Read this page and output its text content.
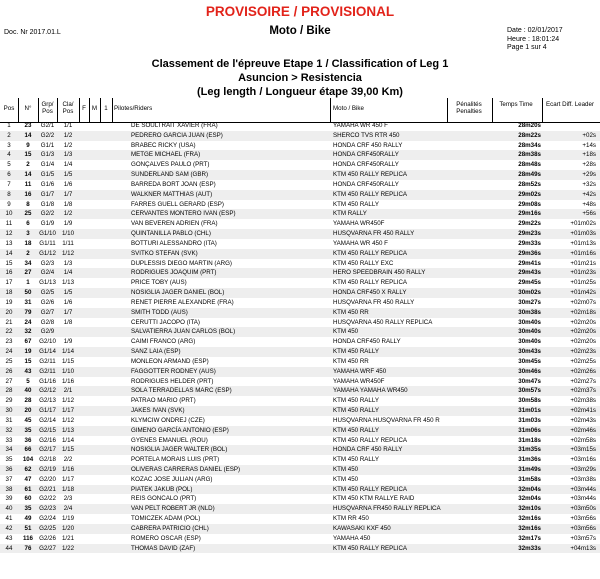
PROVISOIRE / PROVISIONAL
Doc. Nr 2017.01.L	Moto / Bike	Date : 02/01/2017
Heure : 18:01:24
Page 1 sur 4
Classement de l'épreuve Etape 1 / Classification of Leg 1
Asuncion > Resistencia
(Leg length / Longueur étape 39,00 Km)
Pos	N°
Grp/ Pos
Cla/ Pos	F M	1	Pilotes/Riders	Moto / Bike
Pénalités Penalties
Temps Time	Ecart Diff. Leader
1	23	G2/1	1/1	DE SOULTRAIT XAVIER (FRA)	YAMAHA WR 450 F	28m20s
2	14	G2/2	1/2	PEDRERO GARCIA JUAN (ESP)	SHERCO TVS RTR 450	28m22s	+02s
3	9	G1/1	1/2	BRABEC RICKY (USA)	HONDA CRF 450 RALLY	28m34s	+14s
4	15	G1/3	1/3	METGE MICHAEL (FRA)	HONDA CRF450RALLY	28m38s	+18s
5	2	G1/4	1/4	GONÇALVES PAULO (PRT)	HONDA CRF450RALLY	28m48s	+28s
6	14	G1/5	1/5	SUNDERLAND SAM (GBR)	KTM 450 RALLY REPLICA	28m49s	+29s
7	11	G1/6	1/6	BARREDA BORT JOAN (ESP)	HONDA CRF450RALLY	28m52s	+32s
8	16	G1/7	1/7	WALKNER MATTHIAS (AUT)	KTM 450 RALLY REPLICA	29m02s	+42s
9	8	G1/8	1/8	FARRES GUELL GERARD (ESP)	KTM 450 RALLY	29m08s	+48s
10	25	G2/2	1/2	CERVANTES MONTERO IVAN (ESP)	KTM RALLY	29m16s	+56s
11	6	G1/9	1/9	VAN BEVEREN ADRIEN (FRA)	YAMAHA WR450F	29m22s	+01m02s
12	3	G1/10 1/10	QUINTANILLA PABLO (CHL)	HUSQVARNA FR 450 RALLY	29m23s	+01m03s
13	18	G1/11	1/11	BOTTURI ALESSANDRO (ITA)	YAMAHA WR 450 F	29m33s	+01m13s
14	2	G1/12 1/12	SVITKO STEFAN (SVK)	KTM 450 RALLY REPLICA	29m36s	+01m16s
15	34	G2/3	1/3	DUPLESSIS DIEGO MARTIN (ARG)	KTM 450 RALLY EXC	29m41s	+01m21s
16	27	G2/4	1/4	RODRIGUES JOAQUIM (PRT)	HERO SPEEDBRAIN 450 RALLY	29m43s	+01m23s
17	1	G1/13 1/13	PRICE TOBY (AUS)	KTM 450 RALLY REPLICA	29m45s	+01m25s
18	50	G2/5	1/5	NOSIGLIA JAGER DANIEL (BOL)	HONDA CRF450 X RALLY	30m02s	+01m42s
19	31	G2/6	1/6	RENET PIERRE ALEXANDRE (FRA)	HUSQVARNA FR 450 RALLY	30m27s	+02m07s
20	79	G2/7	1/7	SMITH TODD (AUS)	KTM 450 RR	30m38s	+02m18s
21	24	G2/8	1/8	CERUTTI JACOPO (ITA)	HUSQVARNA 450 RALLY REPLICA	30m40s	+02m20s
22	32	G2/9	SALVATIERRA JUAN CARLOS (BOL)	KTM 450	30m40s	+02m20s
23	67	G2/10	1/9	CAIMI FRANCO (ARG)	HONDA CRF450 RALLY	30m40s	+02m20s
24	19	G1/14 1/14	SANZ LAIA (ESP)	KTM 450 RALLY	30m43s	+02m23s
25	15	G2/11	1/15	MONLEON ARMAND (ESP)	KTM 450 RR	30m45s	+02m25s
26	43	G2/11	1/10	FAGGOTTER RODNEY (AUS)	YAMAHA WRF 450	30m46s	+02m26s
27	5	G1/16 1/16	RODRIGUES HELDER (PRT)	YAMAHA WR450F	30m47s	+02m27s
28	40	G2/12	2/1	SOLA TERRADELLAS MARC (ESP)	YAMAHA YAMAHA WR450	30m57s	+02m37s
29	28	G2/13 1/12	PATRAO MARIO (PRT)	KTM 450 RALLY	30m58s	+02m38s
30	20	G1/17 1/17	JAKES IVAN (SVK)	KTM 450 RALLY	31m01s	+02m41s
31	45	G2/14 1/12	KLYMCIW ONDREJ (CZE)	HUSQVARNA HUSQVARNA FR 450 R	31m03s	+02m43s
32	35	G2/15 1/13	GIMENO GARCÍA ANTONIO (ESP)	KTM 450 RALLY	31m06s	+02m46s
33	36	G2/16 1/14	GYENES EMANUEL (ROU)	KTM 450 RALLY REPLICA	31m18s	+02m58s
34	66	G2/17 1/15	NOSIGLIA JAGER WALTER (BOL)	HONDA CRF 450 RALLY	31m35s	+03m15s
35	104 G2/18	2/2	PORTELA MORAIS LUIS (PRT)	KTM 450 RALLY	31m36s	+03m16s
36	62	G2/19 1/16	OLIVERAS CARRERAS DANIEL (ESP)	KTM 450	31m49s	+03m29s
37	47	G2/20 1/17	KOZAC JOSE JULIAN (ARG)	KTM 450	31m58s	+03m38s
38	61	G2/21 1/18	PIATEK JAKUB (POL)	KTM 450 RALLY REPLICA	32m04s	+03m44s
39	60	G2/22	2/3	REIS GONCALO (PRT)	KTM 450 KTM RALLYE RAID	32m04s	+03m44s
40	35	G2/23	2/4	VAN PELT ROBERT JR (NLD)	HUSQVARNA FR450 RALLY REPLICA	32m10s	+03m50s
41	49	G2/24 1/19	TOMICZEK ADAM (POL)	KTM RR 450	32m16s	+03m56s
42	51	G2/25 1/20	CABRERA PATRICIO (CHL)	KAWASAKI KXF 450	32m16s	+03m56s
43	116 G2/26 1/21	ROMERO OSCAR (ESP)	YAMAHA 450	32m17s	+03m57s
44	76	G2/27 1/22	THOMAS DAVID (ZAF)	KTM 450 RALLY REPLICA	32m33s	+04m13s
